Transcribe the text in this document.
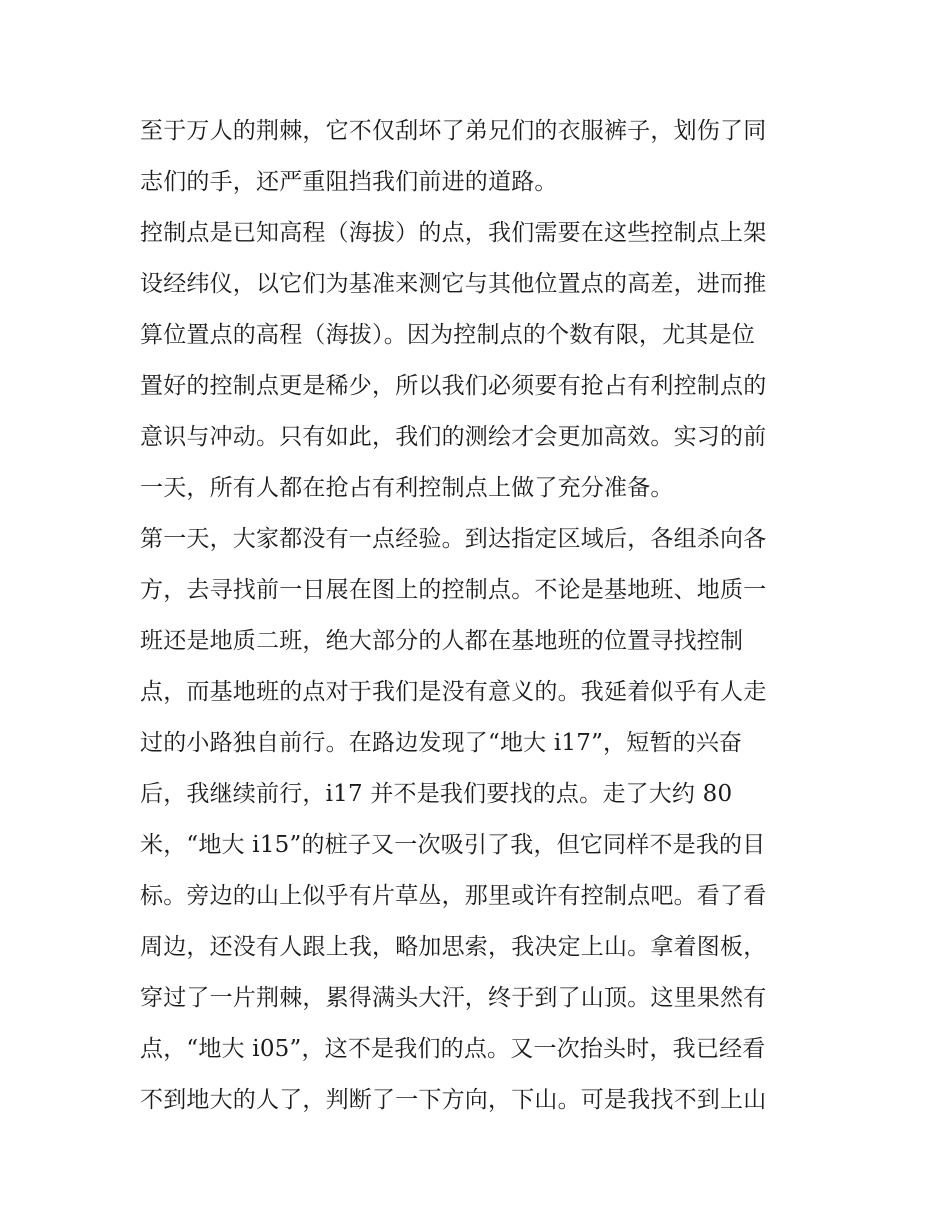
至于万人的荆棘，它不仅刮坏了弟兄们的衣服裤子，划伤了同
志们的手，还严重阻挡我们前进的道路。
控制点是已知高程（海拔）的点，我们需要在这些控制点上架
设经纬仪，以它们为基准来测它与其他位置点的高差，进而推
算位置点的高程（海拔）。因为控制点的个数有限，尤其是位
置好的控制点更是稀少，所以我们必须要有抢占有利控制点的
意识与冲动。只有如此，我们的测绘才会更加高效。实习的前
一天，所有人都在抢占有利控制点上做了充分准备。
第一天，大家都没有一点经验。到达指定区域后，各组杀向各
方，去寻找前一日展在图上的控制点。不论是基地班、地质一
班还是地质二班，绝大部分的人都在基地班的位置寻找控制
点，而基地班的点对于我们是没有意义的。我延着似乎有人走
过的小路独自前行。在路边发现了“地大 i17”，短暂的兴奋
后，我继续前行，i17 并不是我们要找的点。走了大约 80
米，“地大 i15”的桩子又一次吸引了我，但它同样不是我的目
标。旁边的山上似乎有片草丛，那里或许有控制点吧。看了看
周边，还没有人跟上我，略加思索，我决定上山。拿着图板，
穿过了一片荆棘，累得满头大汗，终于到了山顶。这里果然有
点，“地大 i05”，这不是我们的点。又一次抬头时，我已经看
不到地大的人了，判断了一下方向，下山。可是我找不到上山
